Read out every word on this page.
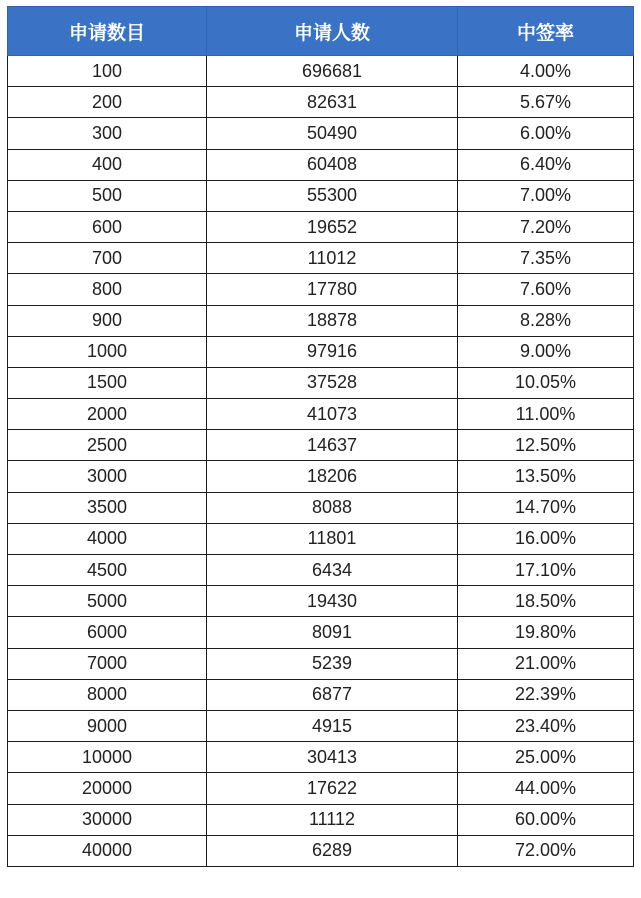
申请数目	申请人数	中签率
100	696681	4.00%
200	82631	5.67%
300	50490	6.00%
400	60408	6.40%
500	55300	7.00%
600	19652	7.20%
700	11012	7.35%
800	17780	7.60%
900	18878	8.28%
1000	97916	9.00%
1500	37528	10.05%
2000	41073	11.00%
2500	14637	12.50%
3000	18206	13.50%
3500	8088	14.70%
4000	11801	16.00%
4500	6434	17.10%
5000	19430	18.50%
6000	8091	19.80%
7000	5239	21.00%
8000	6877	22.39%
9000	4915	23.40%
10000	30413	25.00%
20000	17622	44.00%
30000	11112	60.00%
40000	6289	72.00%
